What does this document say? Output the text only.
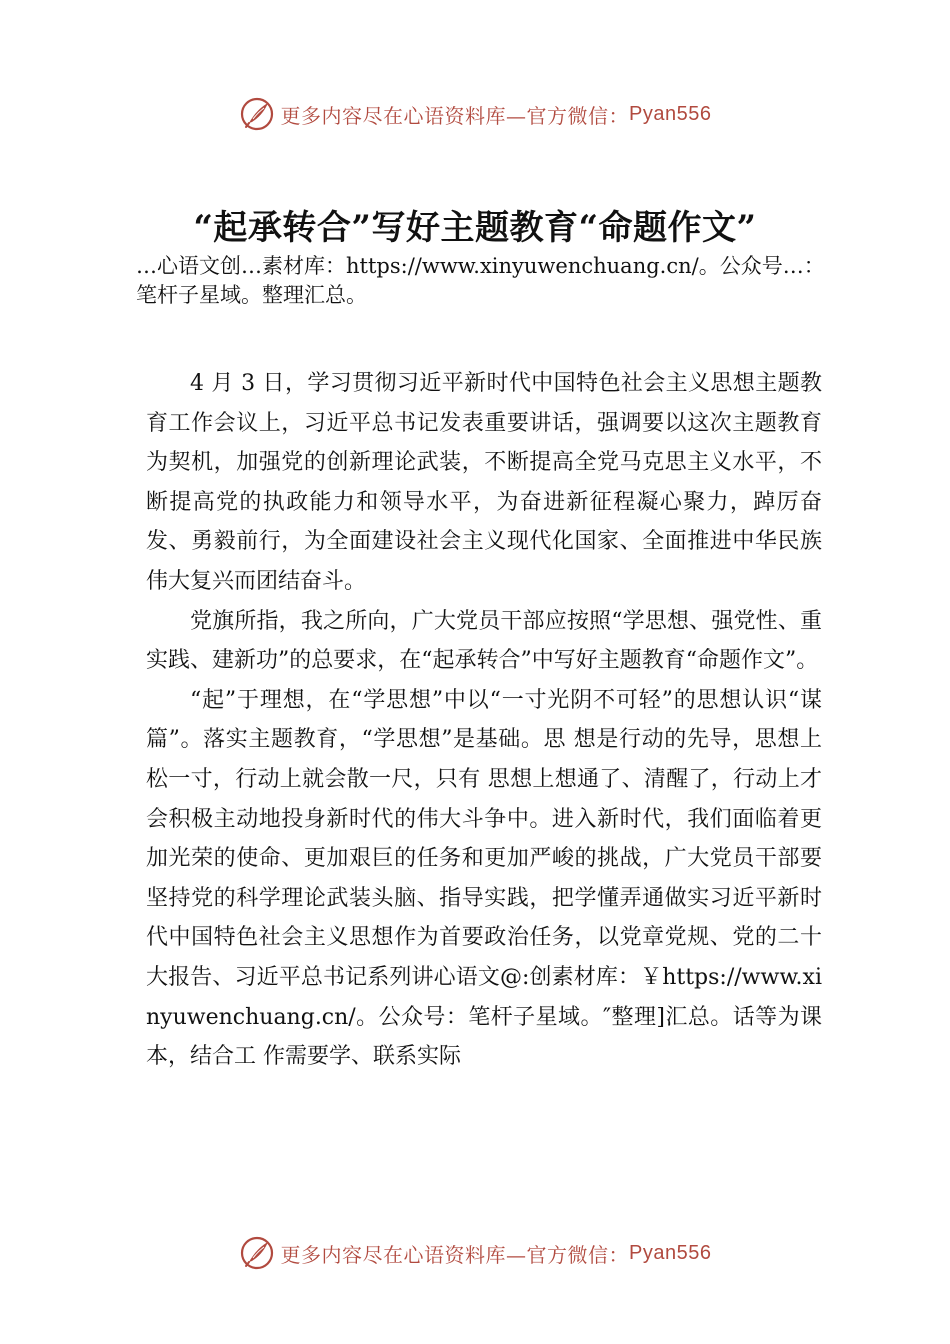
更多内容尽在心语资料库—官方微信： Pyan556
“起承转合”写好主题教育“命题作文”
…心语文创…素材库：https://www.xinyuwenchuang.cn/。公众号…：笔杆子星域。整理汇总。

4 月 3 日，学习贯彻习近平新时代中国特色社会主义思想主题教育工作会议上，习近平总书记发表重要讲话，强调要以这次主题教育为契机，加强党的创新理论武装，不断提高全党马克思主义水平，不断提高党的执政能力和领导水平，为奋进新征程凝心聚力，踔厉奋发、勇毅前行，为全面建设社会主义现代化国家、全面推进中华民族伟大复兴而团结奋斗。

党旗所指，我之所向，广大党员干部应按照“学思想、强党性、重实践、建新功”的总要求，在“起承转合”中写好主题教育“命题作文”。

“起”于理想，在“学思想”中以“一寸光阴不可轻”的思想认识“谋篇”。落实主题教育，“学思想”是基础。思 想是行动的先导，思想上松一寸，行动上就会散一尺，只有 思想上想通了、清醒了，行动上才会积极主动地投身新时代的伟大斗争中。进入新时代，我们面临着更加光荣的使命、更加艰巨的任务和更加严峻的挑战，广大党员干部要坚持党的科学理论武装头脑、指导实践，把学懂弄通做实习近平新时代中国特色社会主义思想作为首要政治任务，以党章党规、党的二十大报告、习近平总书记系列讲心语文@:创素材库：￥https://www.xinyuwenchuang.cn/。公众号：笔杆子星域。″整理]汇总。话等为课本，结合工 作需要学、联系实际

更多内容尽在心语资料库—官方微信： Pyan556
